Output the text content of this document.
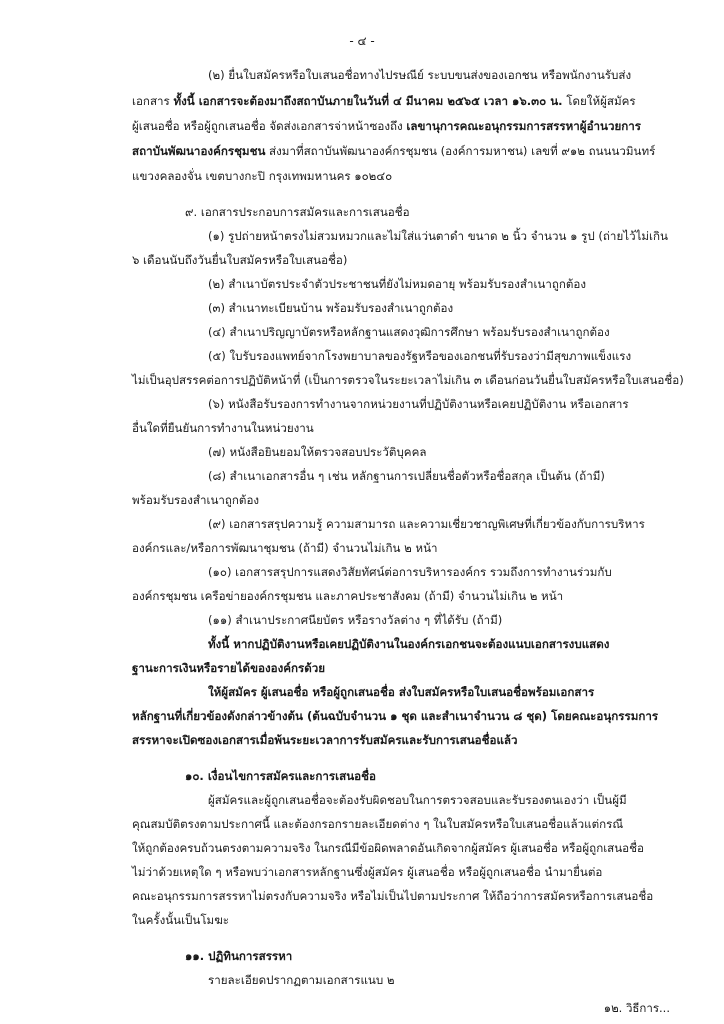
- ๔ -
(๒) ยื่นใบสมัครหรือใบเสนอชื่อทางไปรษณีย์ ระบบขนส่งของเอกชน หรือพนักงานรับส่ง
เอกสาร ทั้งนี้ เอกสารจะต้องมาถึงสถาบันภายในวันที่ ๔ มีนาคม ๒๕๖๕ เวลา ๑๖.๓๐ น. โดยให้ผู้สมัคร
ผู้เสนอชื่อ หรือผู้ถูกเสนอชื่อ จัดส่งเอกสารจ่าหน้าซองถึง เลขานุการคณะอนุกรรมการสรรหาผู้อำนวยการ
สถาบันพัฒนาองค์กรชุมชน ส่งมาที่สถาบันพัฒนาองค์กรชุมชน (องค์การมหาชน) เลขที่ ๙๑๒ ถนนนวมินทร์
แขวงคลองจั่น เขตบางกะปิ กรุงเทพมหานคร ๑๐๒๔๐
๙. เอกสารประกอบการสมัครและการเสนอชื่อ
(๑) รูปถ่ายหน้าตรงไม่สวมหมวกและไม่ใส่แว่นตาดำ ขนาด ๒ นิ้ว จำนวน ๑ รูป (ถ่ายไว้ไม่เกิน
๖ เดือนนับถึงวันยื่นใบสมัครหรือใบเสนอชื่อ)
(๒) สำเนาบัตรประจำตัวประชาชนที่ยังไม่หมดอายุ พร้อมรับรองสำเนาถูกต้อง
(๓) สำเนาทะเบียนบ้าน พร้อมรับรองสำเนาถูกต้อง
(๔) สำเนาปริญญาบัตรหรือหลักฐานแสดงวุฒิการศึกษา พร้อมรับรองสำเนาถูกต้อง
(๕) ใบรับรองแพทย์จากโรงพยาบาลของรัฐหรือของเอกชนที่รับรองว่ามีสุขภาพแข็งแรง
ไม่เป็นอุปสรรคต่อการปฏิบัติหน้าที่ (เป็นการตรวจในระยะเวลาไม่เกิน ๓ เดือนก่อนวันยื่นใบสมัครหรือใบเสนอชื่อ)
(๖) หนังสือรับรองการทำงานจากหน่วยงานที่ปฏิบัติงานหรือเคยปฏิบัติงาน หรือเอกสาร
อื่นใดที่ยืนยันการทำงานในหน่วยงาน
(๗) หนังสือยินยอมให้ตรวจสอบประวัติบุคคล
(๘) สำเนาเอกสารอื่น ๆ เช่น หลักฐานการเปลี่ยนชื่อตัวหรือชื่อสกุล เป็นต้น (ถ้ามี)
พร้อมรับรองสำเนาถูกต้อง
(๙) เอกสารสรุปความรู้ ความสามารถ และความเชี่ยวชาญพิเศษที่เกี่ยวข้องกับการบริหาร
องค์กรและ/หรือการพัฒนาชุมชน (ถ้ามี) จำนวนไม่เกิน ๒ หน้า
(๑๐) เอกสารสรุปการแสดงวิสัยทัศน์ต่อการบริหารองค์กร รวมถึงการทำงานร่วมกับ
องค์กรชุมชน เครือข่ายองค์กรชุมชน และภาคประชาสังคม (ถ้ามี) จำนวนไม่เกิน ๒ หน้า
(๑๑) สำเนาประกาศนียบัตร หรือรางวัลต่าง ๆ ที่ได้รับ (ถ้ามี)
ทั้งนี้ หากปฏิบัติงานหรือเคยปฏิบัติงานในองค์กรเอกชนจะต้องแนบเอกสารงบแสดง
ฐานะการเงินหรือรายได้ขององค์กรด้วย
ให้ผู้สมัคร ผู้เสนอชื่อ หรือผู้ถูกเสนอชื่อ ส่งใบสมัครหรือใบเสนอชื่อพร้อมเอกสาร
หลักฐานที่เกี่ยวข้องดังกล่าวข้างต้น (ต้นฉบับจำนวน ๑ ชุด และสำเนาจำนวน ๘ ชุด) โดยคณะอนุกรรมการ
สรรหาจะเปิดซองเอกสารเมื่อพ้นระยะเวลาการรับสมัครและรับการเสนอชื่อแล้ว
๑๐. เงื่อนไขการสมัครและการเสนอชื่อ
ผู้สมัครและผู้ถูกเสนอชื่อจะต้องรับผิดชอบในการตรวจสอบและรับรองตนเองว่า เป็นผู้มี
คุณสมบัติตรงตามประกาศนี้ และต้องกรอกรายละเอียดต่าง ๆ ในใบสมัครหรือใบเสนอชื่อแล้วแต่กรณี
ให้ถูกต้องครบถ้วนตรงตามความจริง ในกรณีมีข้อผิดพลาดอันเกิดจากผู้สมัคร ผู้เสนอชื่อ หรือผู้ถูกเสนอชื่อ
ไม่ว่าด้วยเหตุใด ๆ หรือพบว่าเอกสารหลักฐานซึ่งผู้สมัคร ผู้เสนอชื่อ หรือผู้ถูกเสนอชื่อ นำมายื่นต่อ
คณะอนุกรรมการสรรหาไม่ตรงกับความจริง หรือไม่เป็นไปตามประกาศ ให้ถือว่าการสมัครหรือการเสนอชื่อ
ในครั้งนั้นเป็นโมฆะ
๑๑. ปฏิทินการสรรหา
รายละเอียดปรากฏตามเอกสารแนบ ๒
๑๒. วิธีการ...
